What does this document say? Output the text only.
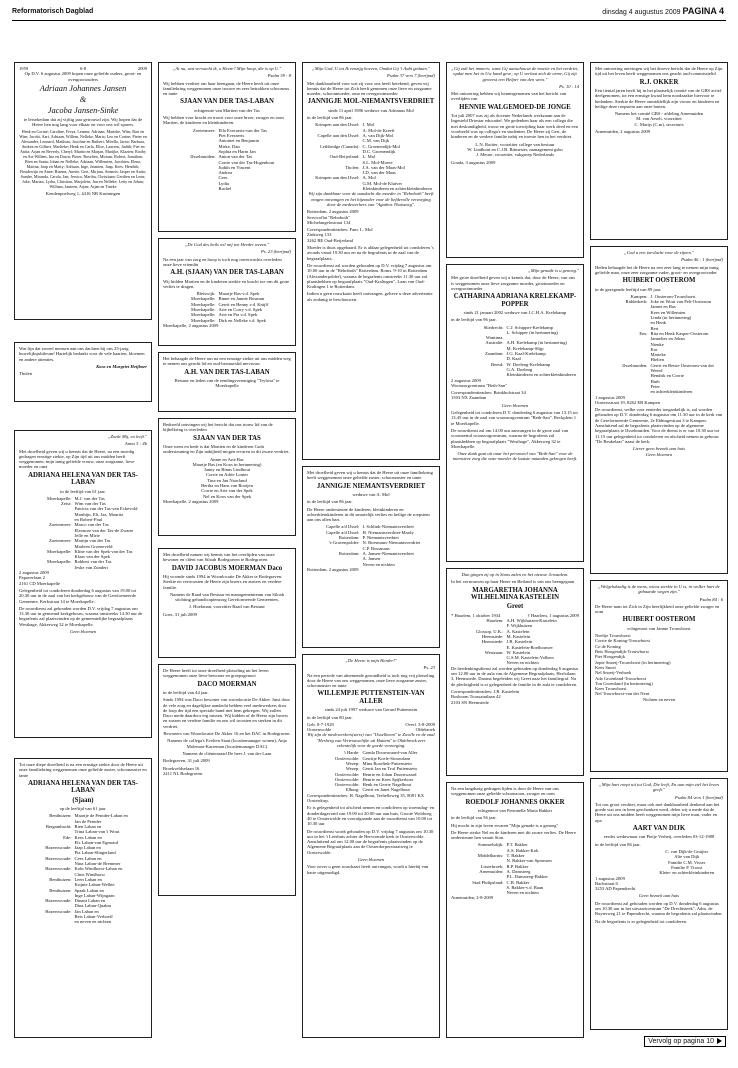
Reformatorisch Dagblad	dinsdag 4 augustus 2009 PAGINA 4
1959	6-8	2009

Op D.V. 6 augustus 2009 hopen onze geliefde ouders, groot- en overgrootouders

Adriaan Johannes Jansen
&
Jacoba Jansen-Sinke

te Iersekedam dat zij vijftig jaar getrouwd zijn. Wij hopen dat de Heere hen nog lang voor elkaar en voor ons wil sparen.

Henk en Corine; Caroline, Freya, Leanne, Adriaan, Marieke, Wim; Bart en Wim; Jacobi, Aart, Adriaan, Willem, Nelleke, Maria; Leo en Corine; Pieter en Alexander, Leonard, Matthias; Jacoline en Ruibert, Mirella, Jarno; Barbara, Andrea en Gilbert, Marlieke; Henk en Carla, Elise, Laurens, Judith; Piet en Anita; Arjan en Beverly, Cheryl; Martin en Marjan, Marijke, Klazien; Rooby en Ari-Willem, Ino en Dawn; Pieter, Roselien, Miriam, Robert, Jonathan; Bien en Santa; Johan en Nelleke; Adriaan, Willemien, Jacobien, Elena, Marina; Jaap en Matty; Adriaan, Inge, Jasmien, Jaap, Kees, Hendrik; Boudewijn en Anne; Rianne, Anette, Gert, Mirjam, Anneris; Jasper en Anita; Sander, Miranda, Carola, Jan; Jessica, Martha, Christiaan; Gerdien en Leon; Joke, Marian, Lydia, Christian, Marjolein; Jan en Nelleke; Letty en Johan; William, Janteen, Arjan; Arjan en Tineke

Kendenpoelweg 1, 4416 NR Kruiningen

Wat fijn dat zoveel mensen aan ons dachten bij ons 25-jarig huwelijksjubileum! Hartelijk bedankt voor de vele kaarten, bloemen en andere attenties.

Koos en Margriet Heijboer

Tholen

„Zoekt Mij, en leeft."

Amos 5 : 4b

Met droefheid geven wij u kennis dat de Heere, na een moedig gedragen ernstige ziekte, op Zijn tijd uit ons midden heeft weggenomen, mijn innig geliefde vrouw, onze zorgzame, lieve moeder en oma

ADRIANA HELENA VAN DER TAS-LABAN

in de leeftijd van 61 jaar.

Moerkapelle: M.J. van der Tas
Zeist: Wim van der Tas
Patricia van der Tas-van Eckevold
Marthijn, Eli, Jaz, Mauritz
en Robert-Paul
Zoetermeer: Marco van der Tas
Eleonore van der Tas-de Zwarte
Jelle en Mirte
Zoetermeer: Martijn van der Tas
Marleen Groeneveld
Moerkapelle: Kline van der Spek-van der Tas
Klaas van der Spek
Moerkapelle: Robbert van der Tas
Jeske van Zundert

2 augustus 2009
Papaverlaan 2
2161 CD Moerkapelle

Gelegenheid tot condoleren donderdag 6 augustus van 19.00 tot 20.30 uur in de zaal van het kerkgebouw van de Gereformeerde Gemeente, Kerkstraat 14 te Moerkapelle.

De rouwdienst zal gehouden worden D.V. vrijdag 7 augustus om 13.30 uur in genoemd kerkgebouw, waarna omstreeks 14.30 uur de begrafenis zal plaatsvinden op de gemeentelijke begraafplaats Westhage, Akkerweg 32 te Moerkapelle.

Geen bloemen

Tot onze diepe droefheid is na een ernstige ziekte door de Heere uit onze familiekring weggenomen onze geliefde zuster, schoonzuster en tante

ADRIANA HELENA VAN DER TAS-LABAN
(Sjaan)

op de leeftijd van 61 jaar.

Benthuizen: Maartje de Peinder-Laban en
Jan de Peinder
Bergambacht: Rien Laban en
Trina Laban-van 't Wout
Ede: Kees Laban en
Els Laban-van Egmond
Hazerswoude: Jaap Laban en
Pia Laban-Slingerland
Hazerswoude: Cees Laban en
Nina Laban-de Bremmer
Hazerswoude: Kobi Windhorst-Laban en
Chris Windhorst
Benthuizen: Leen Laban en
Krijnie Laban-Welbie
Benthuizen: Spaak Laban en
Inge Laban-Wijngaan
Hazerswoude: Dinant Laban en
Dina Laban-Quakm
Hazerswoude: Jan Laban en
Bets Laban-Verhoeff
en neven en nichten

„Ai nu, wat verwacht ik, o Heere? Mijn hoop, die is op U."

Psalm 39 : 8

Wij hebben verdriet om haar heengaan, de Heere heeft uit onze familiekring weggenomen onze trouwe en zeer betrokken schoonzus en tante

SJAAN VAN DER TAS-LABAN

echtgenote van Martien van der Tas

Wij hebben voor kracht en troost voor onze broer, zwager en oom Martien, de kinderen en kleinkinderen.

Zoetermeer: Ella Everaerts-van der Tas
Piet Everaerts
Antoinet en Benjamin
Mirke, Dan
Sophia en Harm Jan
IJsselmuiden: Anton van der Tas
Corrie van der Tas-Hogenhout
Judith en Vincent
Andrea
Cees
Lydia
Rachel

„De God des heils wil mij ten Herder wezen."

Ps. 23 (berijmd)

Na een jaar van zorg en hoop is toch nog onverwachts overleden onze lieve vriendin

A.H. (SJAAN) VAN DER TAS-LABAN

Wij bidden Martien en de kinderen sterkte en kracht toe om dit grote verlies te dragen.

Bleiswijk: Maartje Bas-v.d. Spek
Moerkapelle: Binne en Jannie Bosman
Moerkapelle: Gerrit en Henny v.d. Knijff
Moerkapelle: Arie en Corry v.d. Spek
Moerkapelle: Arie en Pia v.d. Spek
Moerkapelle: Dirk en Nelleke v.d. Spek

Moerkapelle, 2 augustus 2009

Het behaagde de Heere om na een ernstige ziekte uit ons midden weg te nemen ons geacht lid en oud-bestuurslid mevrouw

A.H. VAN DER TAS-LABAN

Bestuur en leden van de zendingsvereniging "Tryfosa" te Moerkapelle

Bedroefd ontvingen wij het bericht dat ons trouw lid van de bijbelkring is overleden

SJAAN VAN DER TAS

Onze wens en bede is dat Martien en de kinderen Gods ondersteuning en Zijn nabijheid mogen ervaren in dit zware verdriet.

Annie en Arie Bac
Maartje Bas (en Koos in herinnering)
Janny en Binus Lindhout
Corrie en Adrie Louter
Tina en Jan Noorland
Bertha en Hans van Rooijen
Corrie en Arie van der Spek
Nel en Koos van der Spek

Moerkapelle, 2 augustus 2009

Met droefheid namen wij kennis van het overlijden van onze bewoner en cliënt van Siloah Bodegraven te Bodegraven

DAVID JACOBUS MOERMAN Daco

Hij woonde sinds 1994 in Woonlocatie De Akker te Bodegraven. Sterkte en vertroosten de Heere zijn broers en zusters en verdere familie.

Namens de Raad van Bestuur en managementteam van Siloah stichting gehandicaptenzorg Gereformeerde Gemeenten,

J. Hoekman, voorzitter Raad van Bestuur

Goes, 31 juli 2009

De Heere heeft tot onze droefheid plotseling uit het leven weggenomen onze lieve bewoner en groepsgenoot

DACO MOERMAN

in de leeftijd van 44 jaar.

Sinds 1994 was Daco bewoner van woonlocatie De Akker. Juist door de vele zorg en dagelijkse aandacht hebben veel medewerkers door de loop der tijd een speciale band met hem gekregen. Wij zullen Daco mede daardoor erg missen. Wij bidden of de Heere zijn broers en zussen en verdere familie en ons wil troosten en sterken in dit verdriet.

Bewoners van Woonlocatie De Akker 16 en het DAC in Bodegraven.

Namens de collega's Evelien Staat (locatiemanager wonen), Anja Molenaar-Karreman (locatiemanager DAC)

Namens de cliëntenraad De heer J. van der Laan

Bodegraven, 31 juli 2009

Broekveldselaan 16
2411 NL Bodegraven

„Mijn God, U tot Ik eenzijg hoeven, Omdat Gij 't Aabt gedaan."

Psalm 37 vers 7 (berijmd)

Met dankbaarheid voor wat zij voor ons heeft betekend, geven wij kennis dat de Heere tot Zich heeft genomen onze lieve en zorgzame moeder, schoonmoeder, oma en overgrootmoeder

JANNIGJE MOL-NIEMANTSVERDRIET

sinds 11 april 1986 weduwe van Adrianus Mol

in de leeftijd van 86 jaar.

Krimpen aan den IJssel: J. Mol
A. Mol-de Kreeft
Capelle aan den IJssel: A. van Dijk-Mol
C.M. van Dijk
Lethbridge (Canada): C. Groenendijk-Mol
D.C. Groenendijk
Oud-Beijerland: L. Mol
S.L. Mol-Moree
Tholen: J.A. van der Maas-Mol
J.D. van der Maas
Krimpen aan den IJssel: A. Mol
G.M. Mol-de Kluiver
Kleinkinderen en achterkleinkinderen

Wij zijn dankbaar voor de aandacht die moeder in "Rehoboth" heeft mogen ontvangen en het bijzonder voor de liefdevolle verzorging door de medewerkers van "Agathos Thuiszorg".

Rotterdam, 2 augustus 2009
Servicoflat "Rehoboth"
Michelangelostraat 134

Correspondentieadres: Fam. L. Mol
Zinkweg 133
3262 BE Oud-Beijerland

Moeder is thuis opgebaard. Er is aldaar gelegenheid tot condoleren 's avonds vanaf 19.30 uur en na de begrafenis in de zaal van de begraafplaats.

De rouwdienst zal worden gehouden op D.V. vrijdag 7 augustus om 10.00 uur in de "Rehoboth" Rotterdam. Roms. 9-10 in Rotterdam (Alexanderpolder), waarna de begrafenis omstreeks 11.30 uur zal plaatshebben op begraafplaats "Oud-Kralingen", Laan van Oud-Kralingen 1 te Rotterdam.

Indien u geen rouwkaart heeft ontvangen, gelieve u deze advertentie als zodanig te beschouwen.

Met droefheid geven wij u kennis dat de Heere uit onze familiekring heeft weggenomen onze geliefde zuster, schoonzuster en tante

JANNIGJE NIEMANTSVERDRIET

weduwe van A. Mol

in de leeftijd van 86 jaar.

De Heere ondersteune de kinderen, kleinkinderen en achterkleinkinderen in dit smartelijk verlies en heilige de roepstem aan ons allen hart.

Capelle a/d IJssel: I. Schlink-Niemantsverdriet
Capelle a/d IJssel: H. Niemantsverdriet-Mardy
Rotterdam: P. Niemantsverdriet
's-Gravenpolder: N. Boesmans-Niemantsverdriet
C.P. Bossmans
Rotterdam: A. Jansen-Niemantsverdriet
A. Jansen
Neven en nichten

Rotterdam, 2 augustus 2009

„De Heere is mijn Herder!"

Ps. 23

Na een periode van afnemende gezondheid is toch nog vrij plotseling door de Heere van ons weggenomen, onze lieve zorgzame zuster, schoonzuster en tante

WILLEMPJE PUTTENSTEIN-VAN ALLER

sinds 24 juli 1997 weduwe van Gerard Puttenstein

in de leeftijd van 80 jaar.

Geb. 8-7-1929	Overl. 3-8-2009
Oostenwolde	Oldebroek

Wij zijn de medewerkers(sters) van "IJsselheem" te Zwolle en de zaal "Herberg van Vertrouwelijke uit Hattem" te Oldebroek zeer erkentelijk voor de goede verzorging.

't Harde: Gonda Doornwaard-van Aller
Oosterwolde: Gerritje Koele-Stouwdam
Wezep: Mina Roselink-Puttenstein
Wezep: Gerrit Jan en Truf Puttenstein
Oosterwolde: Henrie en Johan Doornwaard
Oosterwolde: Henrie en Kees Spijkerboer
Oosterwolde: Henk en Gerrie Nagelhout
Elburg: Gerrit en Janet Nagelhout

Correspondentieadres: H. Nagelhout, Terhelleweg 35, 8081 KX Oosterdorp.

Er is gelegenheid tot afscheid nemen en condoleren op woensdag- en donderdagavond van 19.00 tot 20.00 uur aan huis, Groote Woldweg 40 te Oosterwolde en voorafgaande aan de rouwdienst van 10.00 tot 10.30 uur.

De rouwdienst wordt gehouden op D.V. vrijdag 7 augustus om 10.30 uur in het 't Leerhuis achter de Hervormde kerk te Oosterwolde. Aansluitend zal om 12.00 uur de begrafenis plaatsvinden op de Algemene Begraafplaats aan de Oosterdorperstraatweg te Oosterwolde.

Geen bloemen

Voor zover u geen rouwkaart heeft ontvangen, wordt u hierbij van harte uitgenodigd.

„Gij zult het immers; want Gij aanschouwt de moeite en het verdriet, opdat men het in Uw hand geve; op U verlaat zich de arme, Gij zijt geweest een Helper van den wees."

Ps. 10 : 14

Met ontroering hebben wij kennisgenomen van het bericht van overlijden van

HENNIE WALGEMOED-DE JONGE

Tot juli 2007 was zij als docente Nederlands werkzaam aan de Ingesteld Driestar educatief. We gedenken haar als een collega die met deskundigheid, trouw en grote toewijding haar werk deed en een voorbeeld was op collega's en studenten. De Heere zij Gert, de kinderen en de verdere familie nabij en troeste hen in het verdriet.

L.N. Rottier, voorzitter college van bestuur
W. Lindhout en C.J.B. Bitmester, management gsbo
J. Meuse, voorzitter, vakgroep Nederlands

Gouda, 3 augustus 2009

„Mijn genade is u genoeg."

Met grote droefheid geven wij u kennis dat, door de Heere, van ons is weggenomen onze lieve zorgzame moeder, grootmoeder en overgrootmoeder

CATHARINA ADRIANA KRELEKAMP-POPPER

sinds 21 januari 2002 weduwe van J.C.H.A. Krelekamp

in de leeftijd van 96 jaar.

Sliedrecht: C.J. Schipper-Krelekamp
L. Schipper (in herinnering)
Wantima,
Australië: A.H. Krelekamp (in herinnering)
M. Krelekamp-Slijp
Zaandam: J.G. Kaal-Krelekamp
D. Kaal
Beesd: W. Doeleng-Krelekamp
G.A. Doeleng
Kleinkinderen en achterkleinkinderen

2 augustus 2009
Woonzorgcentrum "Beth-San"

Correspondentieadres: Brinkhofstraat 34
1503 NX Zaandam

Geen bloemen

Gelegenheid tot condoleren D.V. donderdag 6 augustus van 13.15 tot 13.45 uur in de zaal van woonzorgcentrum "Beth-San", Reckplein 1 te Moerkapelle.

De rouwdienst zal om 14.00 uur aanvangen in de grote zaal van voornoemd woonzorgcentrum, waarna de begrafenis zal plaatshebben op begraafplaats "Westhage", Akkerweg 32 te Moerkapelle.

Onze dank gaat uit naar het personeel van "Beth-San" voor de intensieve zorg die onze moeder de laatste maanden gekregen heeft.

Dan gingen zij op in Sions zalen en het nieuwe Jeruzalem.

In het vertrouwen op haar Heere en Heiland is van ons heengegaan

MARGARETHA JOHANNA WILHELMINA KASTELEIN
Greet
* Haarlem, 1 oktober 1934	† Haarlem, 1 augustus 2009
Haarlem: A.H. Wijkhuizen-Kastelein
F. Wijkhuizen
Glossop, U.K.: A. Kastelein
Heemstede: M. Kastelein
Heemstede: J.B. Kastelein
E. Kastelein-Boelhouwer
Westzaan: W. Kastelein
G.S.M. Kastelein-Volkers
Neven en nichten

De herdenkingsdienst zal worden gehouden op donderdag 6 augustus om 12.00 uur in de aula van de Algemene Begraafplaats, Herfstlaan 3, Heemstede. Daarna begeleiden wij Greet naar het familiegraf. Na de plechtigheid is er gelegenheid de familie in de aula te condoleren.

Correspondentieadres: J.B. Kastelein
Bosboom Toussaintlaan 42
2103 SN Heemstede

Na een langdurig gedragen lijden is door de Heere van ons weggenomen onze geliefde schoonzoon, zwager en oom

ROEDOLF JOHANNES OKKER

echtgenoot van Petronella Maria Bakker

in de leeftijd van 56 jaar.

Hij mocht in zijn leven ervaren "Mijn genade is u genoeg".

De Heere sterke Nel en de kinderen met dit zware verlies. De Heere ondersteune hen vanuit Sion.

Sommelsdijk: P.T. Bakker
A.S. Bakker-Kok
Middelharnis: T. Bakker
N. Bakker-van Spronsen
Lisserbroek: R.P. Bakker
Arnemuiden: A. Damsteeg
P.L. Damsteeg-Bakker
Stad Philipsland: C.B. Bakker
S. Bakker-v.d. Baan
Neven en nichten

Arnemuiden, 2-8-2009

Met ontroering ontvingen wij het droeve bericht dat de Heere op Zijn tijd uit het leven heeft weggenomen ons geacht oud-commissielid

R.J. OKKER

Een tiental jaren heeft hij in het plaatselijk comité van de GBS actief deelgenomen, tot een ernstige kwaal hem noodzaakte hiervoor te bedanken. Sterkte de Heere onmiddellijk zijn vrouw en kinderen en heilige deze roepstem aan onze harten.

Namens het comité GBS - afdeling Arnemuiden
M. van Aeselt, voorzitter
C. Marijs (C.m), secretaris

Arnemuiden, 2 augustus 2009

„God u een toevlucht voor de zijnen."

Psalm 46 : 1 (berijmd)

Heden behaagde het de Heere na een zeer lang te nemen mijn innig geliefde man, onze zeer zorgzame vader, groot- en overgrootvader

HUIBERT OOSTEROM

in de gezegende leeftijd van 89 jaar.

Kampen: J. Oosterom-Trouwborst
Ridderkerk: Joke en Wout van Pelt-Oosterom
Jannet en Bas
Kees en Willemien
Linda (in herinnering)
en Henk
Bert
Ens: Rita en Henk Kasper-Oosterom
Jannelies en Johan
Nienke
Kor
Marieke
Hielien
IJsselmuiden: Gerrit en Betsie Oosterom-van der Weerd
Hendrik en Corrie
Huib
Peter
en achterkleinkinderen

1 augustus 2009
Oostersstraat 19, 8262 EB Kampen

De rouwdienst, welke voor eenieder toegankelijk is, zal worden gehouden op D.V. donderdag 6 augustus om 11.30 uur in de kerk van de Gereformeerde Gemeente, 2e Ebbingestraat 3 te Kampen. Aansluitend zal de begrafenis plaatsvinden op de algemene begraafplaats te IJsselmuiden. Voor de dienst is er van 10.30 uur tot 11.15 uur gelegenheid tot condoleren en afscheid nemen in gebouw "De Beukelaar" naast de kerk.

Liever geen bezoek aan huis
Geen bloemen

„Welgelukzalig is de mens, wiens sterkte in U is, in welker hart de gebaande wegen zijn."

Psalm 84 : 6

De Heere nam tot Zich in Zijn heerlijkheid onze geliefde zwager en oom

HUIBERT OOSTEROM

echtgenoot van Jannie Trouwborst

Neeltje Trouwborst
Corrie de Koning-Trouwborst
Co de Koning
Bets Hoogendijk-Trouwborst
Piet Hoogendijk
Jopie Snoeij-Trouwborst (in herinnering)
Kees Snoei
Nel Snoeij-Verhoek
Ada Groenland-Trouwborst
Ton Groenland (in herinnering)
Kees Trouwborst
Nel Trouwborst-van der Neut

Nichten en neven

„Mijn hart roept uit tot God, Die leeft, En aan mijn ziel het leven geeft."

Psalm 84 vers 1 (berijmd)

Tot ons groot verdriet, maar ook met dankbaarheid denkend aan het goede wat ons in hem geschonken werd, delen wij u mede dat de Heere uit ons midden heeft weggenomen mijn lieve man, vader en opa

AART VAN DIJK

eerder weduwnaar van Pietje Verheij, overleden 03-12-1988

in de leeftijd van 86 jaar.

C. van Dijk-de Gruijter
Alie van Dijk
Familie C.M. Visser
Familie P. Troost
Klein- en achterkleinkinderen

1 augustus 2009
Bachstraat 6
3253 AD Papendrecht

Geen bezoek aan huis

De rouwdienst zal gehouden worden op D.V. donderdag 6 augustus om 10.30 uur in het uitvaartcentrum "De Drechtsteek", Adm. de Ruyterweg 21 te Papendrecht, waarna de begrafenis zal plaatsvinden.

Na de begrafenis is er gelegenheid tot condoleren.

Vervolg op pagina 10
